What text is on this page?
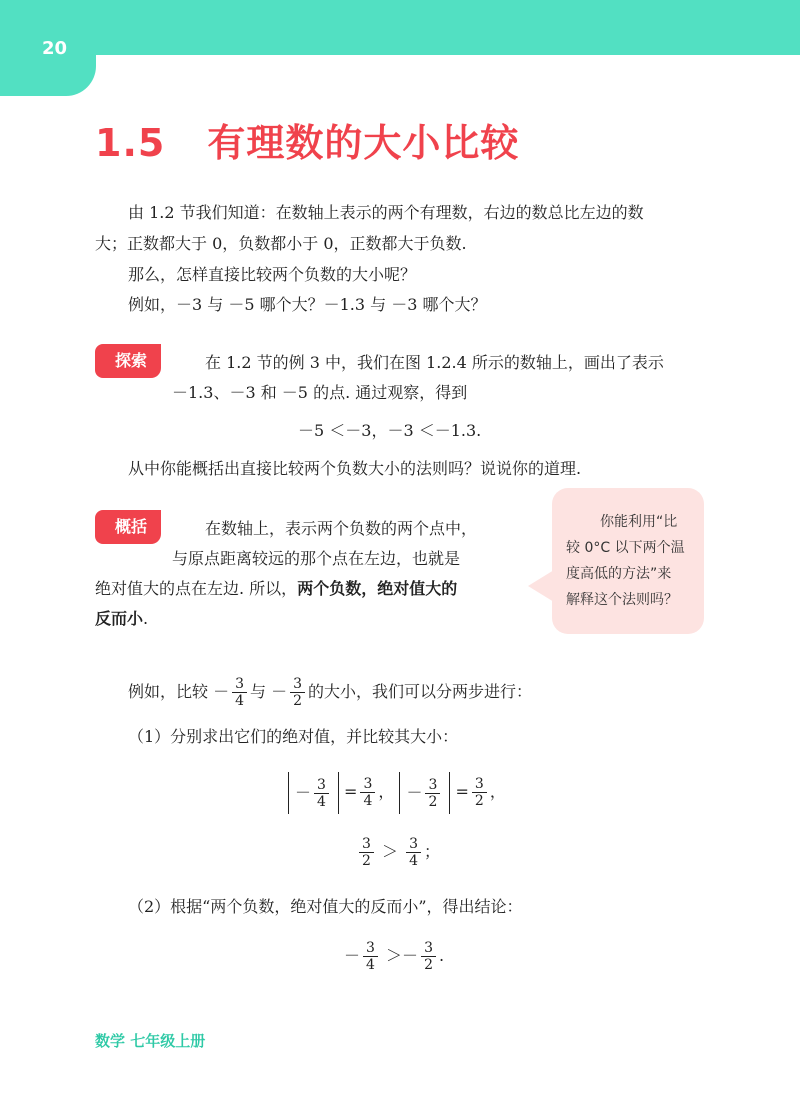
20
1.5 有理数的大小比较
由 1.2 节我们知道：在数轴上表示的两个有理数，右边的数总比左边的数
大；正数都大于 0，负数都小于 0，正数都大于负数.
那么，怎样直接比较两个负数的大小呢？
例如，－3 与 －5 哪个大？－1.3 与 －3 哪个大？
探索	在 1.2 节的例 3 中，我们在图 1.2.4 所示的数轴上，画出了表示
－1.3、－3 和 －5 的点. 通过观察，得到
－5 ＜－3，－3 ＜－1.3.
从中你能概括出直接比较两个负数大小的法则吗？说说你的道理.
概括	在数轴上，表示两个负数的两个点中，
与原点距离较远的那个点在左边，也就是
绝对值大的点在左边. 所以，两个负数，绝对值大的
反而小.
你能利用“比
较 0°C 以下两个温
度高低的方法”来
解释这个法则吗？
例如，比较 － $\frac{3}{4}$ 与 － $\frac{3}{2}$ 的大小，我们可以分两步进行：
（1）分别求出它们的绝对值，并比较其大小：
－ $\frac{3}{4} = \frac{3}{4}$ ， － $\frac{3}{2} = \frac{3}{2}$ ，
$\frac{3}{2} > \frac{3}{4}$ ；
（2）根据“两个负数，绝对值大的反而小”，得出结论：
－ $\frac{3}{4} >- \frac{3}{2}$ .
数学 七年级上册
